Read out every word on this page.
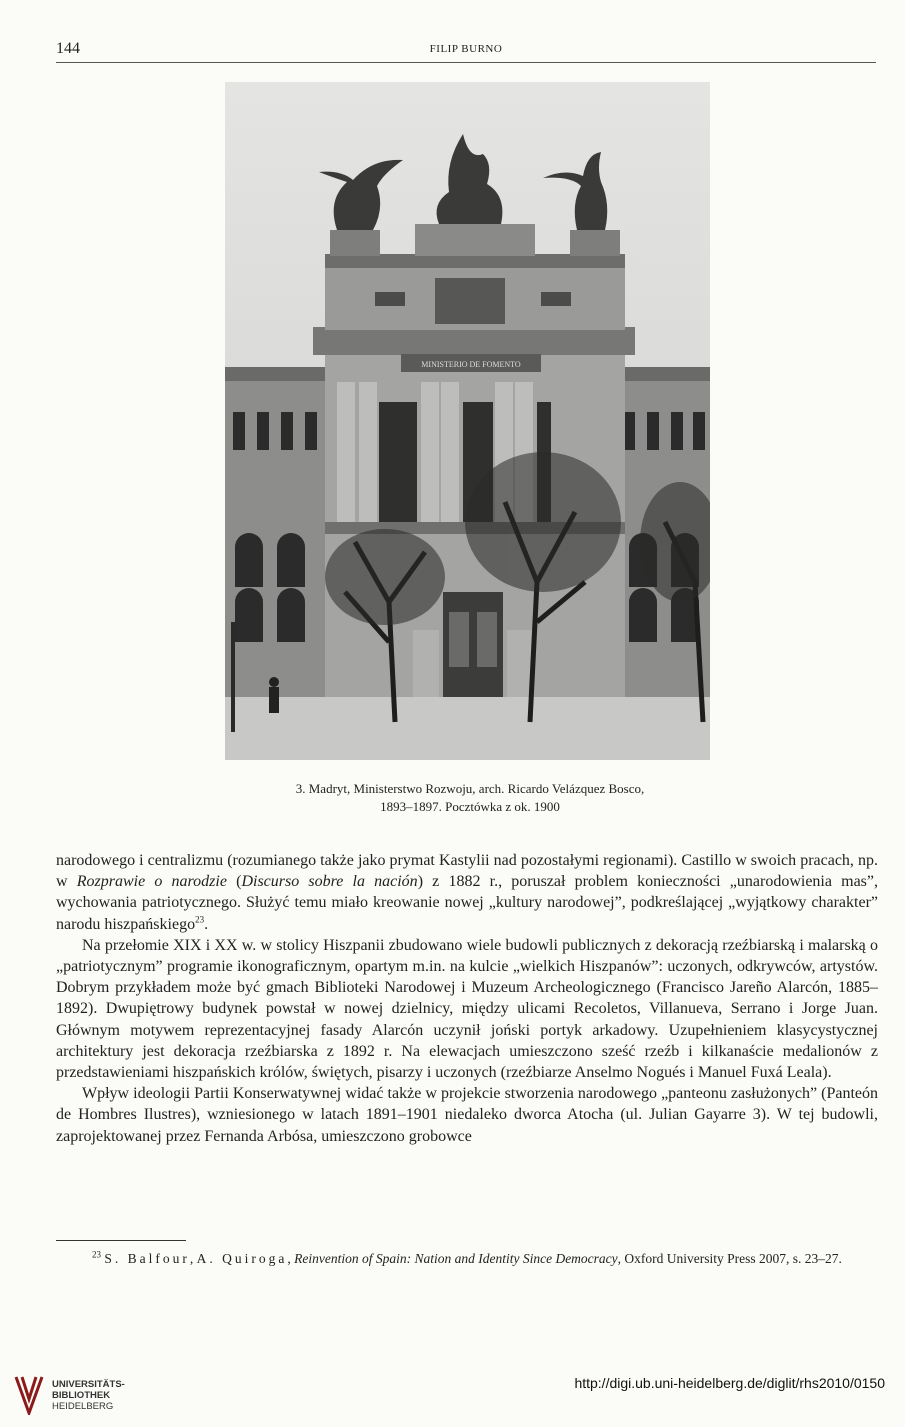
144	FILIP BURNO
MINISTERIO DE FOMENTO
3. Madryt, Ministerstwo Rozwoju, arch. Ricardo Velázquez Bosco,
1893–1897. Pocztówka z ok. 1900

narodowego i centralizmu (rozumianego także jako prymat Kastylii nad pozostałymi regionami). Castillo w swoich pracach, np. w Rozprawie o narodzie (Discurso sobre la nación) z 1882 r., poruszał problem konieczności „unarodowienia mas”, wychowania patriotycznego. Służyć temu miało kreowanie nowej „kultury narodowej”, podkreślającej „wyjątkowy charakter” narodu hiszpańskiego$^{23}$.

Na przełomie XIX i XX w. w stolicy Hiszpanii zbudowano wiele budowli publicznych z dekoracją rzeźbiarską i malarską o „patriotycznym” programie ikonograficznym, opartym m.in. na kulcie „wielkich Hiszpanów”: uczonych, odkrywców, artystów. Dobrym przykładem może być gmach Biblioteki Narodowej i Muzeum Archeologicznego (Francisco Jareño Alarcón, 1885–1892). Dwupiętrowy budynek powstał w nowej dzielnicy, między ulicami Recoletos, Villanueva, Serrano i Jorge Juan. Głównym motywem reprezentacyjnej fasady Alarcón uczynił joński portyk arkadowy. Uzupełnieniem klasycystycznej architektury jest dekoracja rzeźbiarska z 1892 r. Na elewacjach umieszczono sześć rzeźb i kilkanaście medalionów z przedstawieniami hiszpańskich królów, świętych, pisarzy i uczonych (rzeźbiarze Anselmo Nogués i Manuel Fuxá Leala).

Wpływ ideologii Partii Konserwatywnej widać także w projekcie stworzenia narodowego „panteonu zasłużonych” (Panteón de Hombres Ilustres), wzniesionego w latach 1891–1901 niedaleko dworca Atocha (ul. Julian Gayarre 3). W tej budowli, zaprojektowanej przez Fernanda Arbósa, umieszczono grobowce

$^{23}$ S. Balfour, A. Quiroga, Reinvention of Spain: Nation and Identity Since Democracy, Oxford University Press 2007, s. 23–27.
UNIVERSITÄTS-
BIBLIOTHEK
HEIDELBERG
http://digi.ub.uni-heidelberg.de/diglit/rhs2010/0150
